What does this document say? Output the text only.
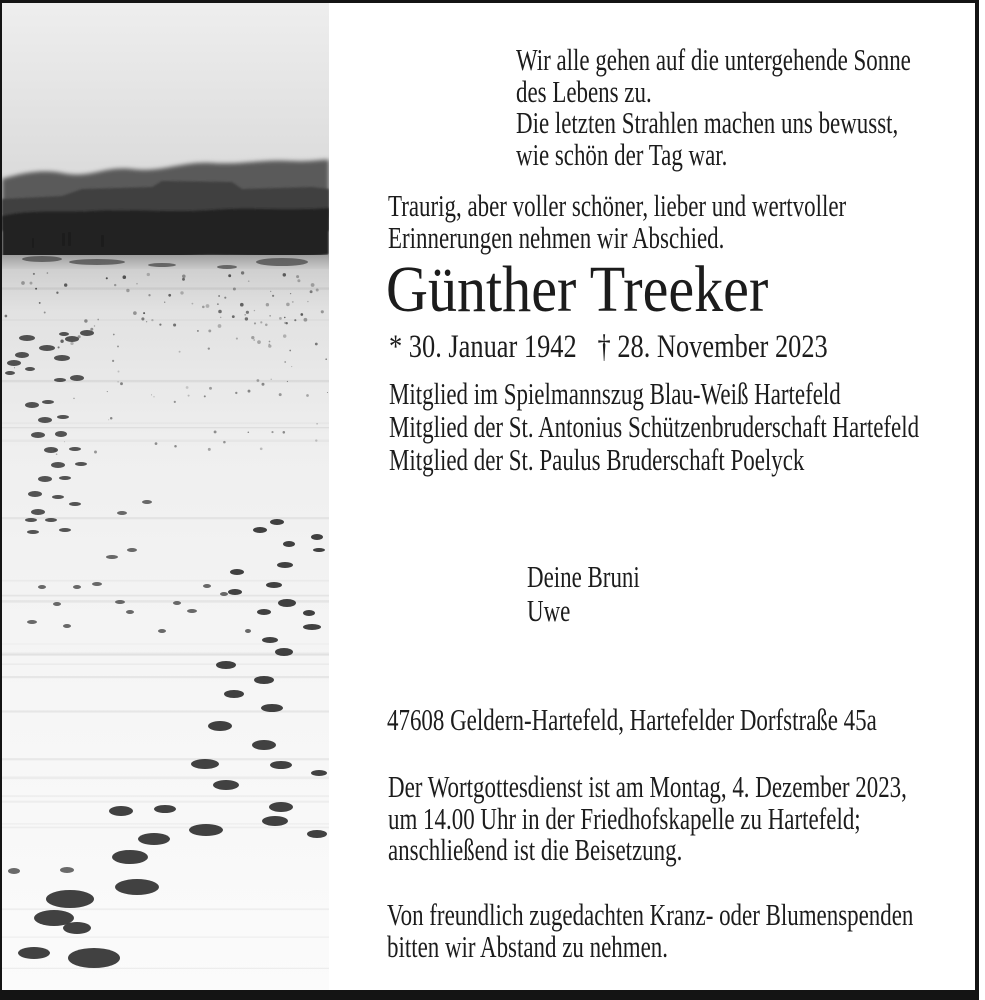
Wir alle gehen auf die untergehende Sonne
des Lebens zu.
Die letzten Strahlen machen uns bewusst,
wie schön der Tag war.
Traurig, aber voller schöner, lieber und wertvoller
Erinnerungen nehmen wir Abschied.
Günther Treeker
* 30. Januar 1942 † 28. November 2023
Mitglied im Spielmannszug Blau-Weiß Hartefeld
Mitglied der St. Antonius Schützenbruderschaft Hartefeld
Mitglied der St. Paulus Bruderschaft Poelyck
Deine Bruni
Uwe
47608 Geldern-Hartefeld, Hartefelder Dorfstraße 45a
Der Wortgottesdienst ist am Montag, 4. Dezember 2023,
um 14.00 Uhr in der Friedhofskapelle zu Hartefeld;
anschließend ist die Beisetzung.
Von freundlich zugedachten Kranz- oder Blumenspenden
bitten wir Abstand zu nehmen.
